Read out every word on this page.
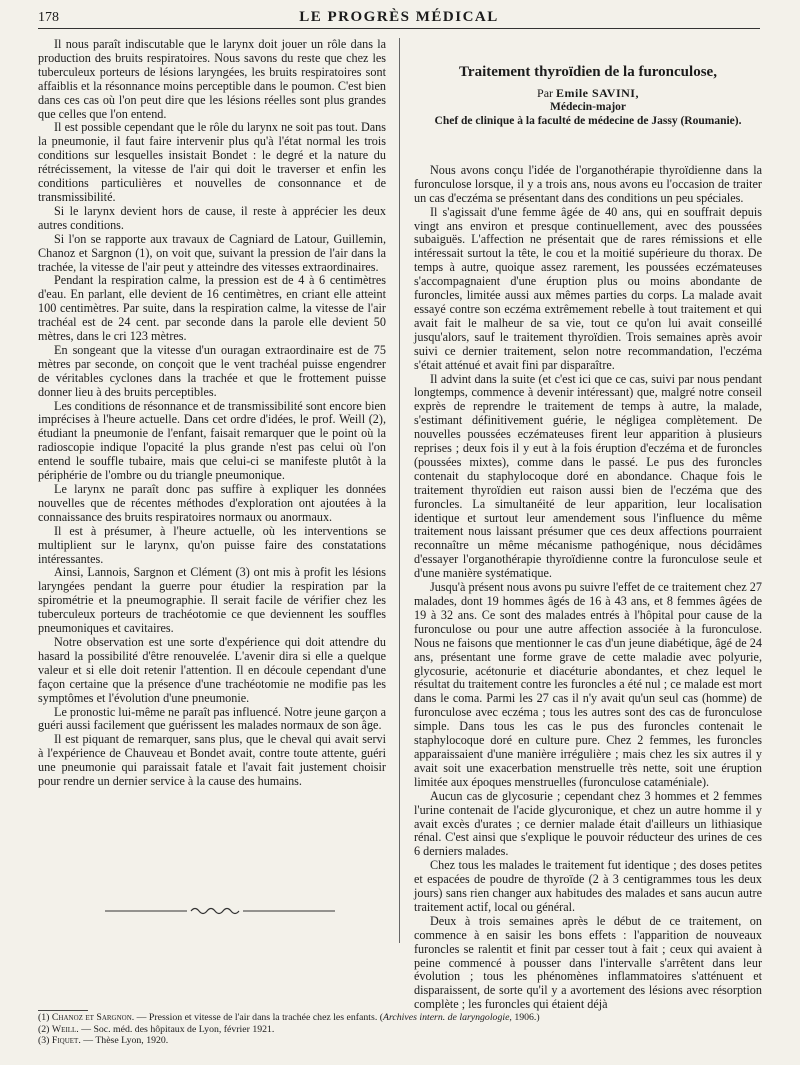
178	LE PROGRÈS MÉDICAL

Il nous paraît indiscutable que le larynx doit jouer un rôle dans la production des bruits respiratoires. Nous savons du reste que chez les tuberculeux porteurs de lésions laryngées, les bruits respiratoires sont affaiblis et la résonnance moins perceptible dans le poumon. C'est bien dans ces cas où l'on peut dire que les lésions réelles sont plus grandes que celles que l'on entend.

Il est possible cependant que le rôle du larynx ne soit pas tout. Dans la pneumonie, il faut faire intervenir plus qu'à l'état normal les trois conditions sur lesquelles insistait Bondet : le degré et la nature du rétrécissement, la vitesse de l'air qui doit le traverser et enfin les conditions particulières et nouvelles de consonnance et de transmissibilité.

Si le larynx devient hors de cause, il reste à apprécier les deux autres conditions.

Si l'on se rapporte aux travaux de Cagniard de Latour, Guillemin, Chanoz et Sargnon (1), on voit que, suivant la pression de l'air dans la trachée, la vitesse de l'air peut y atteindre des vitesses extraordinaires.

Pendant la respiration calme, la pression est de 4 à 6 centimètres d'eau. En parlant, elle devient de 16 centimètres, en criant elle atteint 100 centimètres. Par suite, dans la respiration calme, la vitesse de l'air trachéal est de 24 cent. par seconde dans la parole elle devient 50 mètres, dans le cri 123 mètres.

En songeant que la vitesse d'un ouragan extraordinaire est de 75 mètres par seconde, on conçoit que le vent trachéal puisse engendrer de véritables cyclones dans la trachée et que le frottement puisse donner lieu à des bruits perceptibles.

Les conditions de résonnance et de transmissibilité sont encore bien imprécises à l'heure actuelle. Dans cet ordre d'idées, le prof. Weill (2), étudiant la pneumonie de l'enfant, faisait remarquer que le point où la radioscopie indique l'opacité la plus grande n'est pas celui où l'on entend le souffle tubaire, mais que celui-ci se manifeste plutôt à la périphérie de l'ombre ou du triangle pneumonique.

Le larynx ne paraît donc pas suffire à expliquer les données nouvelles que de récentes méthodes d'exploration ont ajoutées à la connaissance des bruits respiratoires normaux ou anormaux.

Il est à présumer, à l'heure actuelle, où les interventions se multiplient sur le larynx, qu'on puisse faire des constatations intéressantes.

Ainsi, Lannois, Sargnon et Clément (3) ont mis à profit les lésions laryngées pendant la guerre pour étudier la respiration par la spirométrie et la pneumographie. Il serait facile de vérifier chez les tuberculeux porteurs de trachéotomie ce que deviennent les souffles pneumoniques et cavitaires.

Notre observation est une sorte d'expérience qui doit attendre du hasard la possibilité d'être renouvelée. L'avenir dira si elle a quelque valeur et si elle doit retenir l'attention. Il en découle cependant d'une façon certaine que la présence d'une trachéotomie ne modifie pas les symptômes et l'évolution d'une pneumonie.

Le pronostic lui-même ne paraît pas influencé. Notre jeune garçon a guéri aussi facilement que guérissent les malades normaux de son âge.

Il est piquant de remarquer, sans plus, que le cheval qui avait servi à l'expérience de Chauveau et Bondet avait, contre toute attente, guéri une pneumonie qui paraissait fatale et l'avait fait justement choisir pour rendre un dernier service à la cause des humains.

(1) Chanoz et Sargnon. — Pression et vitesse de l'air dans la trachée chez les enfants. (Archives intern. de laryngologie, 1906.)
(2) Weill. — Soc. méd. des hôpitaux de Lyon, février 1921.
(3) Fiquet. — Thèse Lyon, 1920.
Traitement thyroïdien de la furonculose,
Par Emile SAVINI,
Médecin-major
Chef de clinique à la faculté de médecine de Jassy (Roumanie).

Nous avons conçu l'idée de l'organothérapie thyroïdienne dans la furonculose lorsque, il y a trois ans, nous avons eu l'occasion de traiter un cas d'eczéma se présentant dans des conditions un peu spéciales.

Il s'agissait d'une femme âgée de 40 ans, qui en souffrait depuis vingt ans environ et presque continuellement, avec des poussées subaiguës. L'affection ne présentait que de rares rémissions et elle intéressait surtout la tête, le cou et la moitié supérieure du thorax. De temps à autre, quoique assez rarement, les poussées eczémateuses s'accompagnaient d'une éruption plus ou moins abondante de furoncles, limitée aussi aux mêmes parties du corps. La malade avait essayé contre son eczéma extrêmement rebelle à tout traitement et qui avait fait le malheur de sa vie, tout ce qu'on lui avait conseillé jusqu'alors, sauf le traitement thyroïdien. Trois semaines après avoir suivi ce dernier traitement, selon notre recommandation, l'eczéma s'était atténué et avait fini par disparaître.

Il advint dans la suite (et c'est ici que ce cas, suivi par nous pendant longtemps, commence à devenir intéressant) que, malgré notre conseil exprès de reprendre le traitement de temps à autre, la malade, s'estimant définitivement guérie, le négligea complètement. De nouvelles poussées eczémateuses firent leur apparition à plusieurs reprises ; deux fois il y eut à la fois éruption d'eczéma et de furoncles (poussées mixtes), comme dans le passé. Le pus des furoncles contenait du staphylocoque doré en abondance. Chaque fois le traitement thyroïdien eut raison aussi bien de l'eczéma que des furoncles. La simultanéité de leur apparition, leur localisation identique et surtout leur amendement sous l'influence du même traitement nous laissant présumer que ces deux affections pourraient reconnaître un même mécanisme pathogénique, nous décidâmes d'essayer l'organothérapie thyroïdienne contre la furonculose seule et d'une manière systématique.

Jusqu'à présent nous avons pu suivre l'effet de ce traitement chez 27 malades, dont 19 hommes âgés de 16 à 43 ans, et 8 femmes âgées de 19 à 32 ans. Ce sont des malades entrés à l'hôpital pour cause de la furonculose ou pour une autre affection associée à la furonculose. Nous ne faisons que mentionner le cas d'un jeune diabétique, âgé de 24 ans, présentant une forme grave de cette maladie avec polyurie, glycosurie, acétonurie et diacéturie abondantes, et chez lequel le résultat du traitement contre les furoncles a été nul ; ce malade est mort dans le coma. Parmi les 27 cas il n'y avait qu'un seul cas (homme) de furonculose avec eczéma ; tous les autres sont des cas de furonculose simple. Dans tous les cas le pus des furoncles contenait le staphylocoque doré en culture pure. Chez 2 femmes, les furoncles apparaissaient d'une manière irrégulière ; mais chez les six autres il y avait soit une exacerbation menstruelle très nette, soit une éruption limitée aux époques menstruelles (furonculose cataméniale).

Aucun cas de glycosurie ; cependant chez 3 hommes et 2 femmes l'urine contenait de l'acide glycuronique, et chez un autre homme il y avait excès d'urates ; ce dernier malade était d'ailleurs un lithiasique rénal. C'est ainsi que s'explique le pouvoir réducteur des urines de ces 6 derniers malades.

Chez tous les malades le traitement fut identique ; des doses petites et espacées de poudre de thyroïde (2 à 3 centigrammes tous les deux jours) sans rien changer aux habitudes des malades et sans aucun autre traitement actif, local ou général.

Deux à trois semaines après le début de ce traitement, on commence à en saisir les bons effets : l'apparition de nouveaux furoncles se ralentit et finit par cesser tout à fait ; ceux qui avaient à peine commencé à pousser dans l'intervalle s'arrêtent dans leur évolution ; tous les phénomènes inflammatoires s'atténuent et disparaissent, de sorte qu'il y a avortement des lésions avec résorption complète ; les furoncles qui étaient déjà
